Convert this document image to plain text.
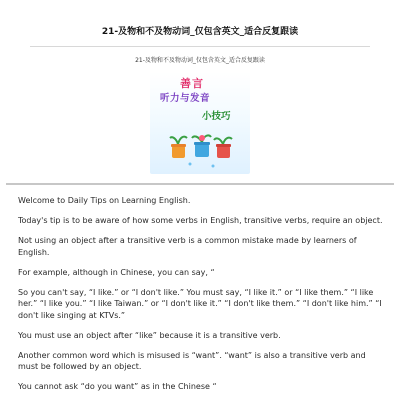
21-及物和不及物动词_仅包含英文_适合反复跟读
21-及物和不及物动词_仅包含英文_适合反复跟读
善言
听力与发音
小技巧

Welcome to Daily Tips on Learning English.

Today's tip is to be aware of how some verbs in English, transitive verbs, require an object.

Not using an object after a transitive verb is a common mistake made by learners of English.

For example, although in Chinese, you can say, “

So you can't say, “I like.” or “I don't like.” You must say, “I like it.” or “I like them.” “I like her.” “I like you.” “I like Taiwan.” or “I don't like it.” “I don't like them.” “I don't like him.” “I don't like singing at KTVs.”

You must use an object after “like” because it is a transitive verb.

Another common word which is misused is “want”. “want” is also a transitive verb and must be followed by an object.

You cannot ask “do you want” as in the Chinese “
